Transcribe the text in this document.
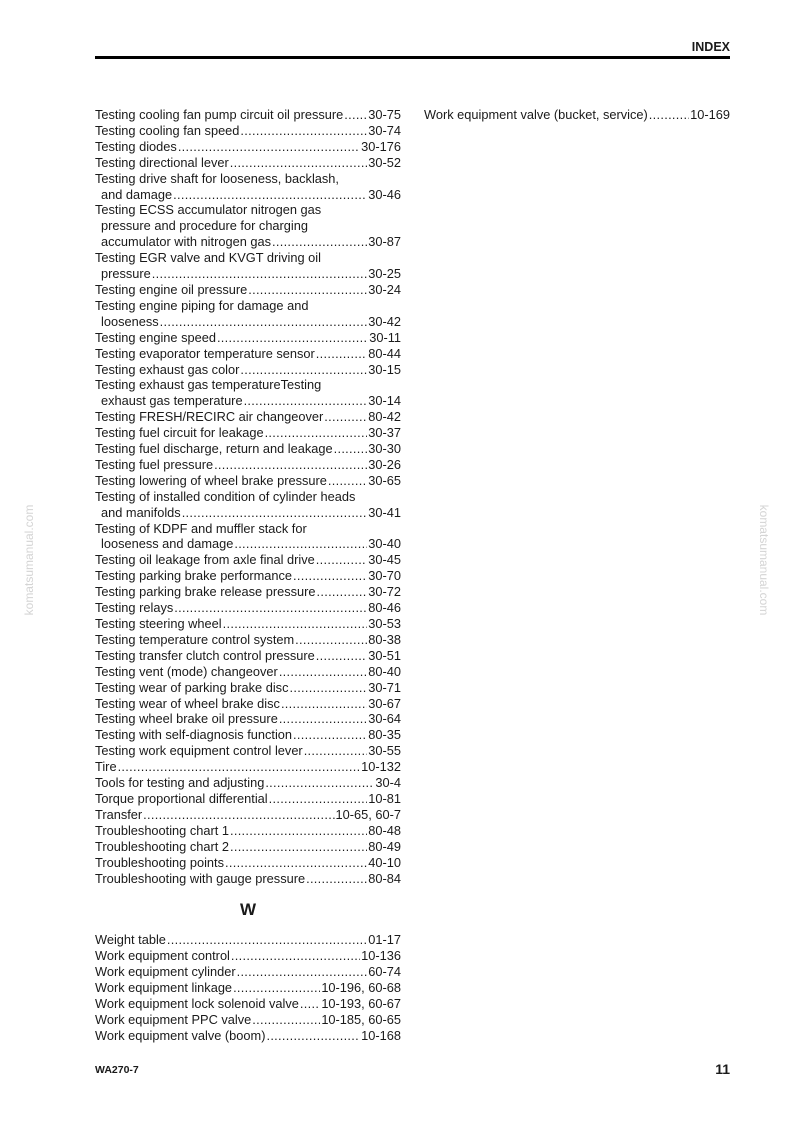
INDEX
komatsumanual.com	komatsumanual.com
Testing cooling fan pump circuit oil pressure ..... 30-75
Testing cooling fan speed .....	30-74
Testing diodes .....	30-176
Testing directional lever .....	30-52
Testing drive shaft for looseness, backlash,
and damage .....	30-46
Testing ECSS accumulator nitrogen gas
pressure and procedure for charging
accumulator with nitrogen gas .....	30-87
Testing EGR valve and KVGT driving oil
pressure .....	30-25
Testing engine oil pressure .....	30-24
Testing engine piping for damage and
looseness .....	30-42
Testing engine speed .....	30-11
Testing evaporator temperature sensor .....	80-44
Testing exhaust gas color .....	30-15
Testing exhaust gas temperatureTesting
exhaust gas temperature .....	30-14
Testing FRESH/RECIRC air changeover .....	80-42
Testing fuel circuit for leakage .....	30-37
Testing fuel discharge, return and leakage .....	30-30
Testing fuel pressure .....	30-26
Testing lowering of wheel brake pressure .....	30-65
Testing of installed condition of cylinder heads
and manifolds .....	30-41
Testing of KDPF and muffler stack for
looseness and damage .....	30-40
Testing oil leakage from axle final drive .....	30-45
Testing parking brake performance .....	30-70
Testing parking brake release pressure .....	30-72
Testing relays .....	80-46
Testing steering wheel .....	30-53
Testing temperature control system .....	80-38
Testing transfer clutch control pressure .....	30-51
Testing vent (mode) changeover .....	80-40
Testing wear of parking brake disc .....	30-71
Testing wear of wheel brake disc .....	30-67
Testing wheel brake oil pressure .....	30-64
Testing with self-diagnosis function .....	80-35
Testing work equipment control lever .....	30-55
Tire .....	10-132
Tools for testing and adjusting .....	30-4
Torque proportional differential .....	10-81
Transfer .....	10-65, 60-7
Troubleshooting chart 1 .....	80-48
Troubleshooting chart 2 .....	80-49
Troubleshooting points .....	40-10
Troubleshooting with gauge pressure .....	80-84
W
Weight table .....	01-17
Work equipment control .....	10-136
Work equipment cylinder .....	60-74
Work equipment linkage .....	10-196, 60-68
Work equipment lock solenoid valve ..... 10-193, 60-67
Work equipment PPC valve .....	10-185, 60-65
Work equipment valve (boom) .....	10-168
Work equipment valve (bucket, service) .....	10-169
WA270-7	11
